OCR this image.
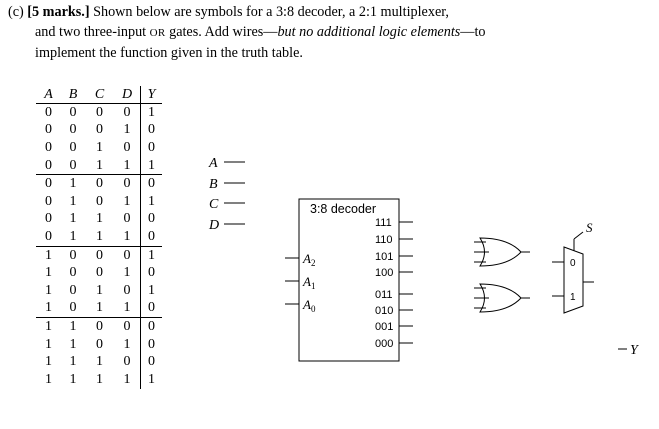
(c) [5 marks.] Shown below are symbols for a 3:8 decoder, a 2:1 multiplexer,
and two three-input OR gates. Add wires—but no additional logic elements—to
implement the function given in the truth table.
A	B	C	D	Y
0	0	0	0	1
0	0	0	1	0
0	0	1	0	0
0	0	1	1	1
0	1	0	0	0
0	1	0	1	1
0	1	1	0	0
0	1	1	1	0
1	0	0	0	1
1	0	0	1	0
1	0	1	0	1
1	0	1	1	0
1	1	0	0	0
1	1	0	1	0
1	1	1	0	0
1	1	1	1	1
A
B
C
D
3:8 decoder
$A_2$
$A_1$
$A_0$
111
110
101
100
011
010
001
000
0
1
S
Y
